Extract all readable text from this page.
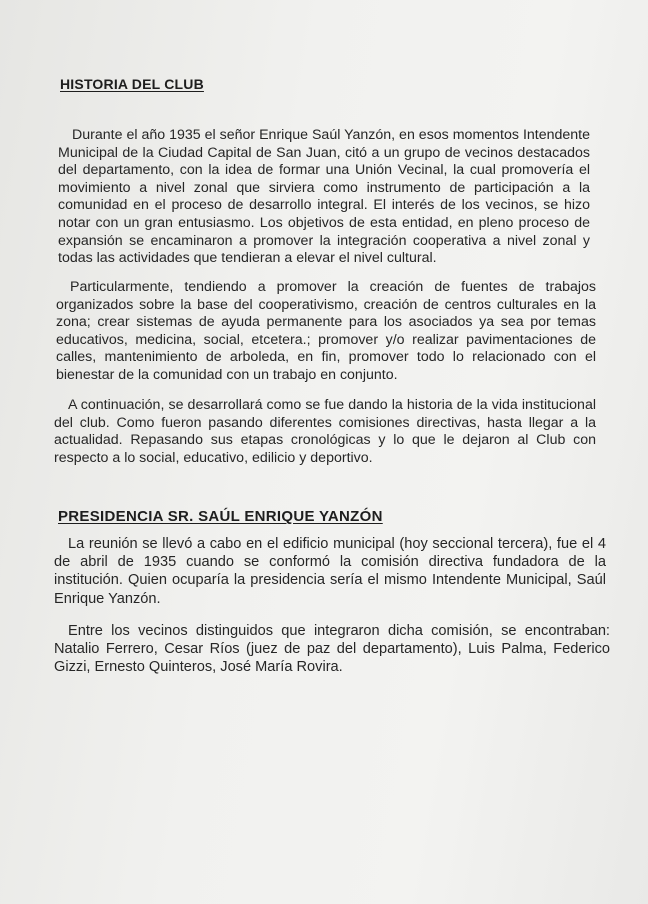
HISTORIA DEL CLUB
Durante el año 1935 el señor Enrique Saúl Yanzón, en esos momentos Intendente Municipal de la Ciudad Capital de San Juan, citó a un grupo de vecinos destacados del departamento, con la idea de formar una Unión Vecinal, la cual promovería el movimiento a nivel zonal que sirviera como instrumento de participación a la comunidad en el proceso de desarrollo integral. El interés de los vecinos, se hizo notar con un gran entusiasmo. Los objetivos de esta entidad, en pleno proceso de expansión se encaminaron a promover la integración cooperativa a nivel zonal y todas las actividades que tendieran a elevar el nivel cultural.
Particularmente, tendiendo a promover la creación de fuentes de trabajos organizados sobre la base del cooperativismo, creación de centros culturales en la zona; crear sistemas de ayuda permanente para los asociados ya sea por temas educativos, medicina, social, etcetera.; promover y/o realizar pavimentaciones de calles, mantenimiento de arboleda, en fin, promover todo lo relacionado con el bienestar de la comunidad con un trabajo en conjunto.
A continuación, se desarrollará como se fue dando la historia de la vida institucional del club. Como fueron pasando diferentes comisiones directivas, hasta llegar a la actualidad. Repasando sus etapas cronológicas y lo que le dejaron al Club con respecto a lo social, educativo, edilicio y deportivo.
PRESIDENCIA SR. SAÚL ENRIQUE YANZÓN
La reunión se llevó a cabo en el edificio municipal (hoy seccional tercera), fue el 4 de abril de 1935 cuando se conformó la comisión directiva fundadora de la institución. Quien ocuparía la presidencia sería el mismo Intendente Municipal, Saúl Enrique Yanzón.
Entre los vecinos distinguidos que integraron dicha comisión, se encontraban: Natalio Ferrero, Cesar Ríos (juez de paz del departamento), Luis Palma, Federico Gizzi, Ernesto Quinteros, José María Rovira.
